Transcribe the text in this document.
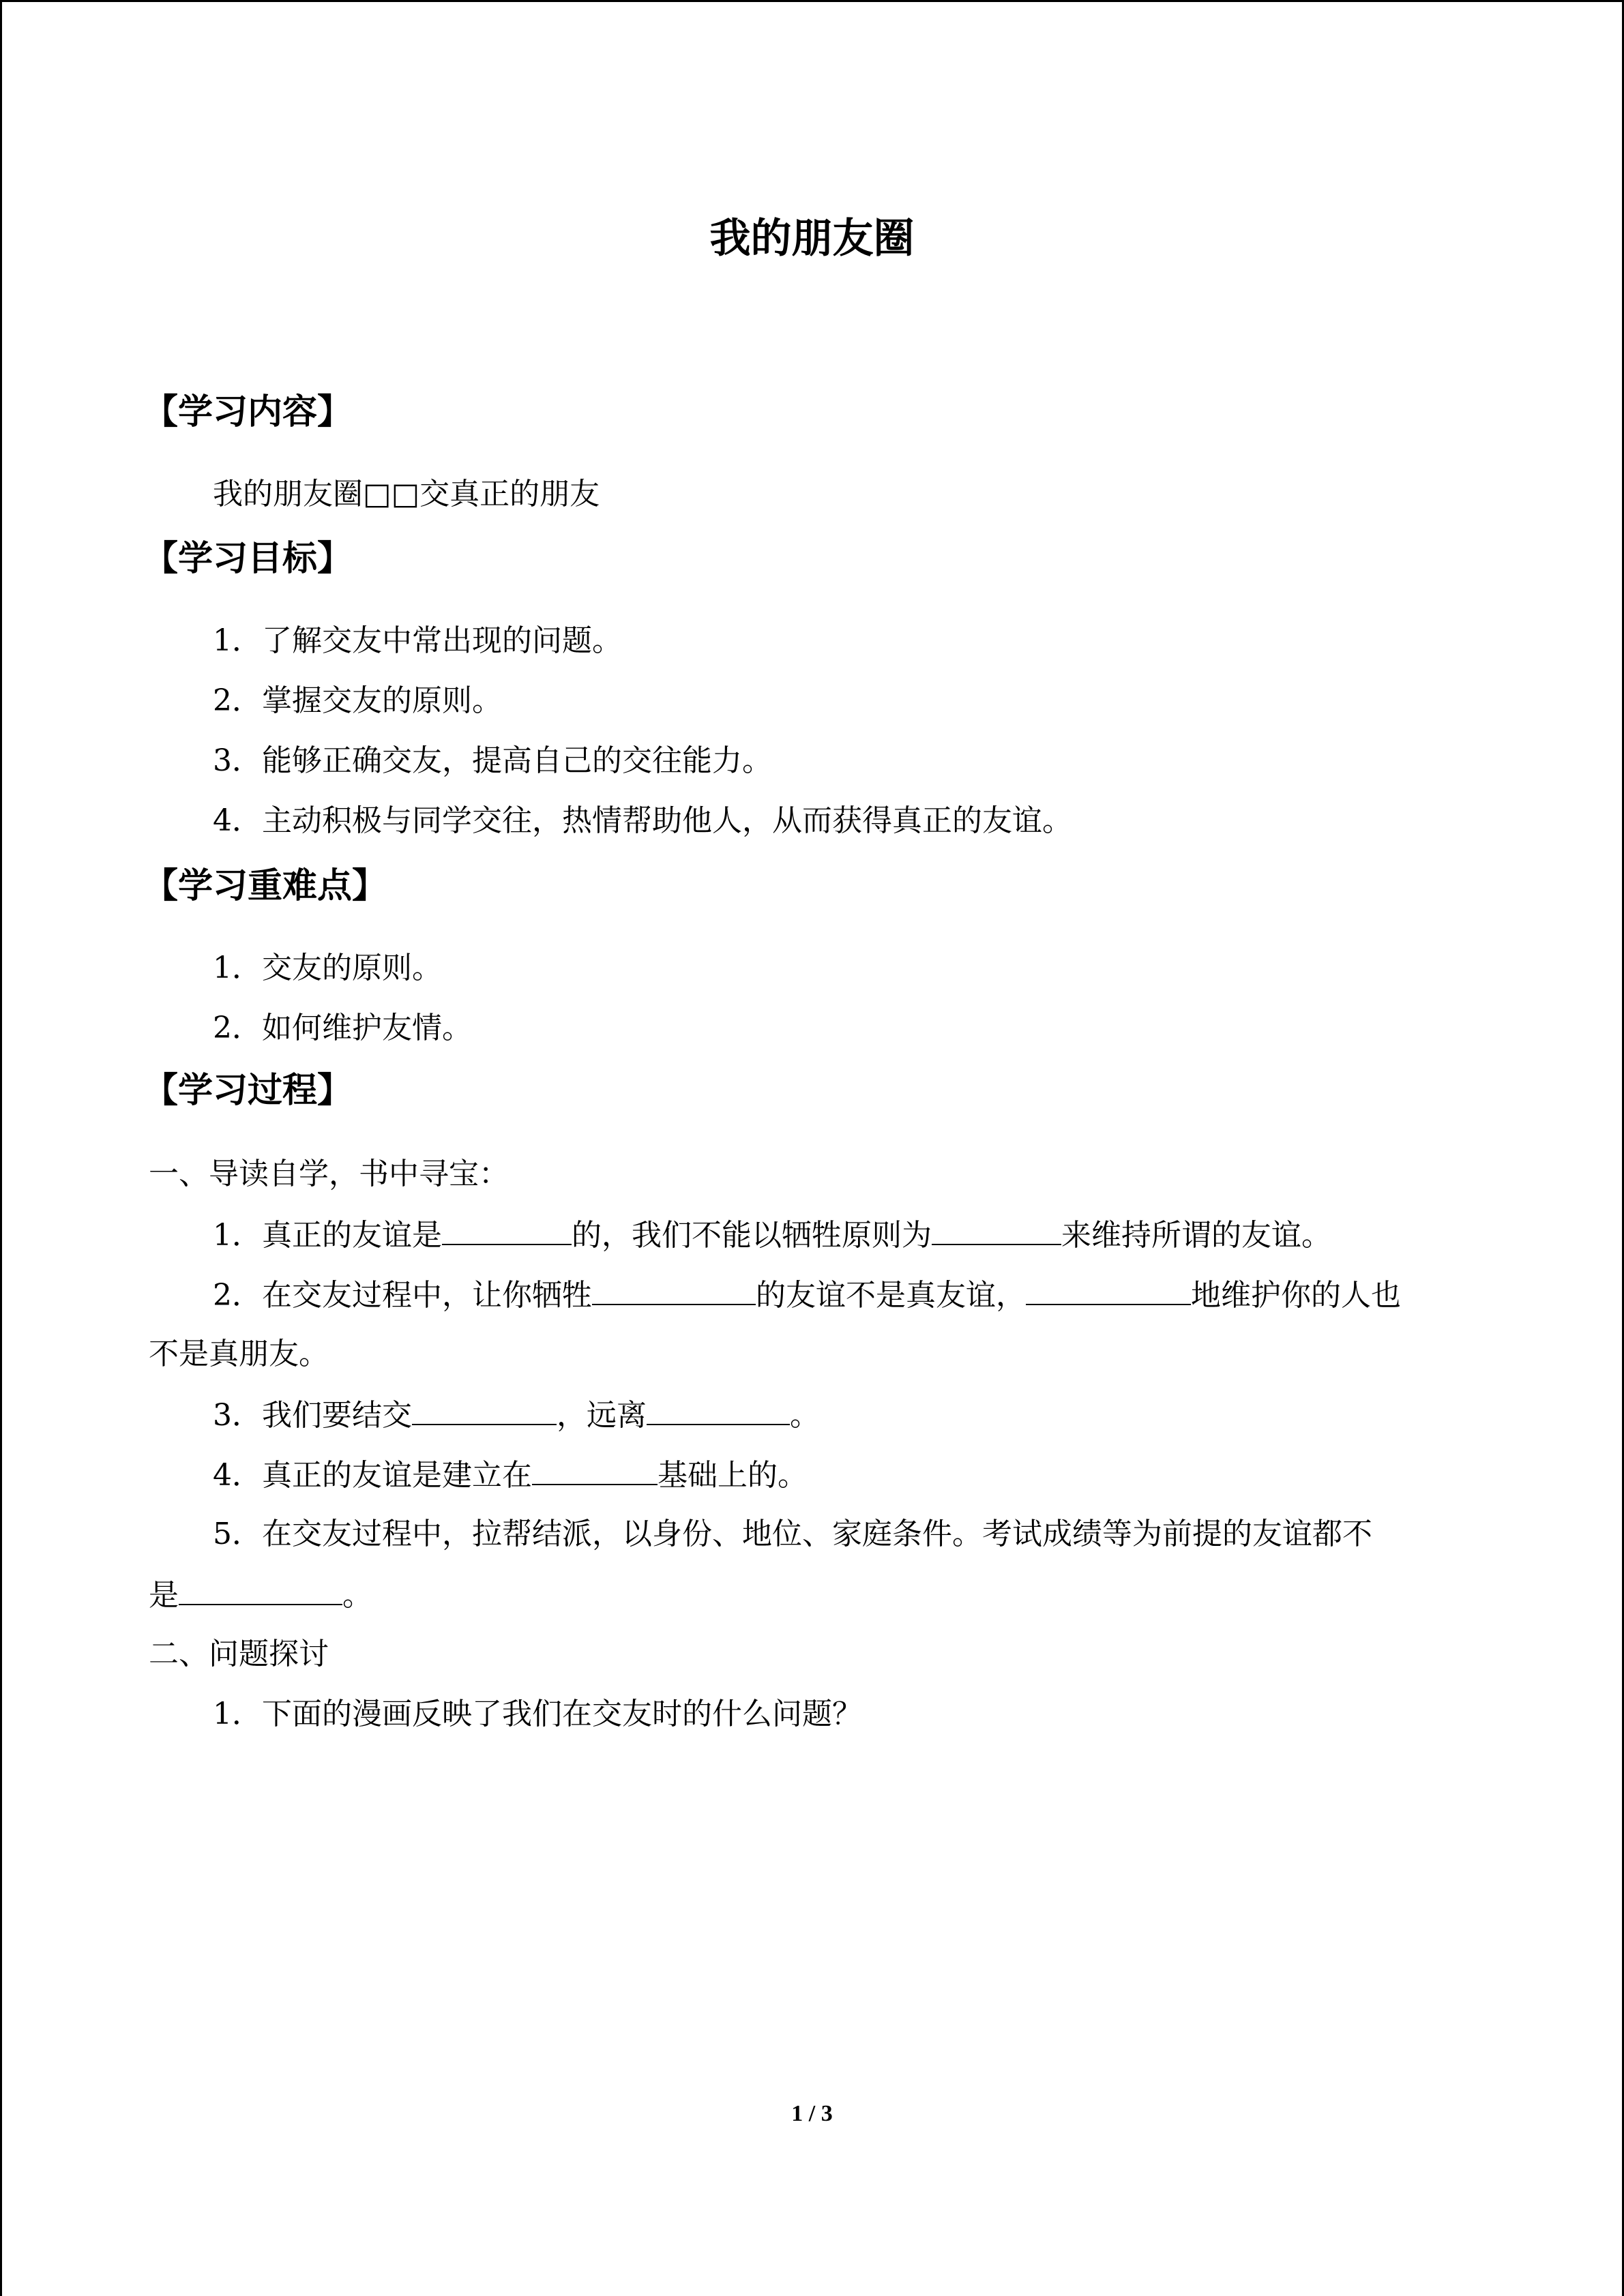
我的朋友圈
【学习内容】
我的朋友圈□□交真正的朋友
【学习目标】
1．了解交友中常出现的问题。
2．掌握交友的原则。
3．能够正确交友，提高自己的交往能力。
4．主动积极与同学交往，热情帮助他人，从而获得真正的友谊。
【学习重难点】
1．交友的原则。
2．如何维护友情。
【学习过程】
一、导读自学，书中寻宝：
1．真正的友谊是	的，我们不能以牺牲原则为	来维持所谓的友谊。
2．在交友过程中，让你牺牲	的友谊不是真友谊，	地维护你的人也
不是真朋友。
3．我们要结交	，远离	。
4．真正的友谊是建立在	基础上的。
5．在交友过程中，拉帮结派，以身份、地位、家庭条件。考试成绩等为前提的友谊都不
是	。
二、问题探讨
1．下面的漫画反映了我们在交友时的什么问题？
1 / 3
